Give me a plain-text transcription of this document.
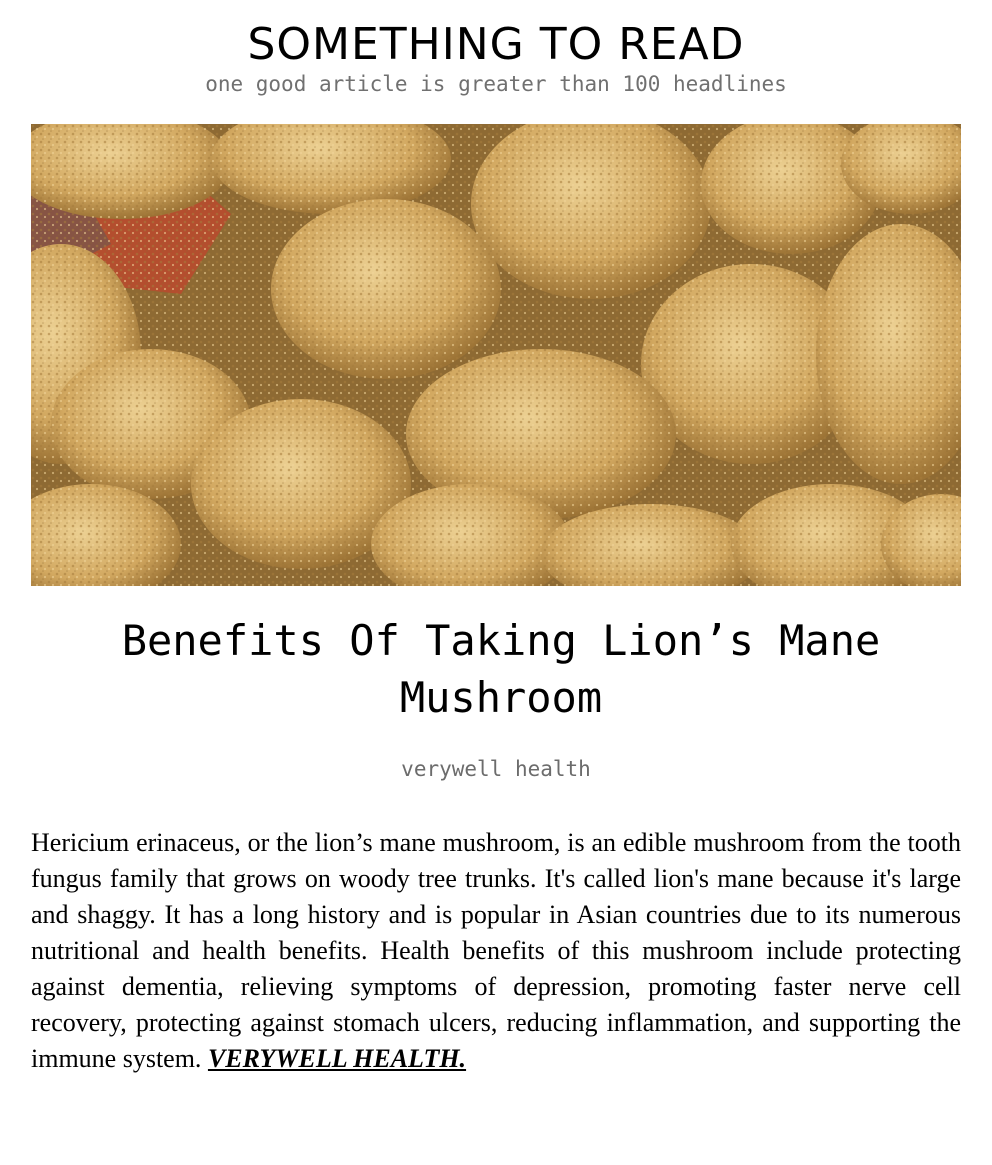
SOMETHING TO READ
one good article is greater than 100 headlines
Benefits Of Taking Lion’s Mane Mushroom
verywell health

Hericium erinaceus, or the lion’s mane mushroom, is an edible mushroom from the tooth fungus family that grows on woody tree trunks. It's called lion's mane because it's large and shaggy. It has a long history and is popular in Asian countries due to its numerous nutritional and health benefits. Health benefits of this mushroom include protecting against dementia, relieving symptoms of depression, promoting faster nerve cell recovery, protecting against stomach ulcers, reducing inflammation, and supporting the immune system. VERYWELL HEALTH.
